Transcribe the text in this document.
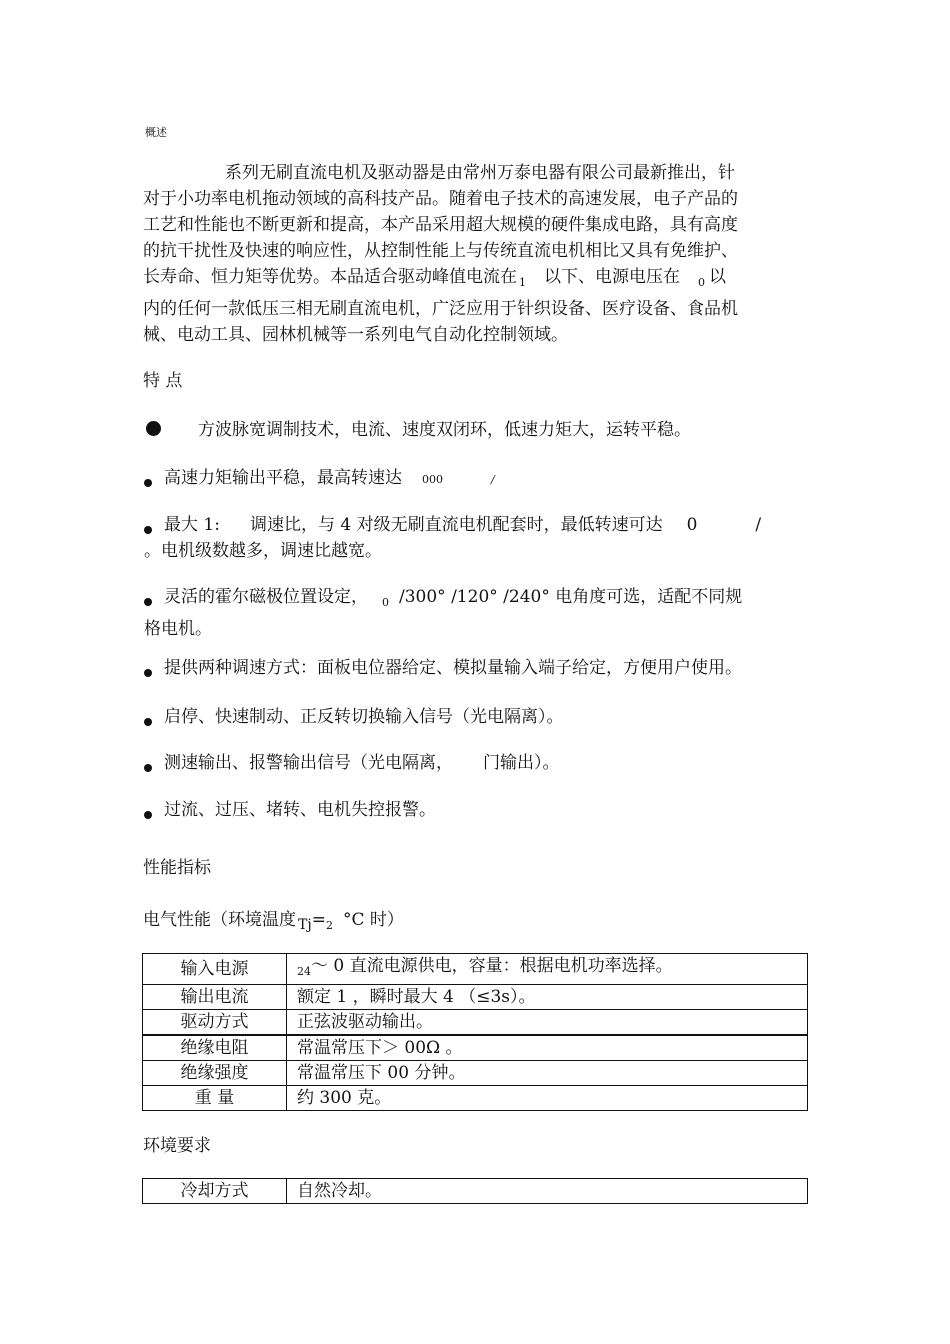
概述
系列无刷直流电机及驱动器是由常州万泰电器有限公司最新推出，针
对于小功率电机拖动领域的高科技产品。随着电子技术的高速发展，电子产品的
工艺和性能也不断更新和提高，本产品采用超大规模的硬件集成电路，具有高度
的抗干扰性及快速的响应性，从控制性能上与传统直流电机相比又具有免维护、
长寿命、恒力矩等优势。本品适合驱动峰值电流在 $_1$ 以下、电源电压在 $_0$ 以
内的任何一款低压三相无刷直流电机，广泛应用于针织设备、医疗设备、食品机
械、电动工具、园林机械等一系列电气自动化控制领域。
特 点
方波脉宽调制技术，电流、速度双闭环，低速力矩大，运转平稳。
高速力矩输出平稳，最高转速达 000	/
最大 1: 调速比，与 4 对级无刷直流电机配套时，最低转速可达 0	/
。电机级数越多，调速比越宽。
灵活的霍尔磁极位置设定， $_0$ /300° /120° /240° 电角度可选，适配不同规
格电机。
提供两种调速方式：面板电位器给定、模拟量输入端子给定，方便用户使用。
启停、快速制动、正反转切换输入信号（光电隔离）。
测速输出、报警输出信号（光电隔离， 门输出）。
过流、过压、堵转、电机失控报警。
性能指标
电气性能（环境温度 $_{Tj}=_2$ °C 时）
输入电源	$_{24}$～ 0 直流电源供电，容量：根据电机功率选择。
输出电流	额定 1 ，瞬时最大 4 （≤3s）。
驱动方式	正弦波驱动输出。
绝缘电阻	常温常压下＞ 00Ω 。
绝缘强度	常温常压下 00 分钟。
重 量	约 300 克。
环境要求
冷却方式	自然冷却。
